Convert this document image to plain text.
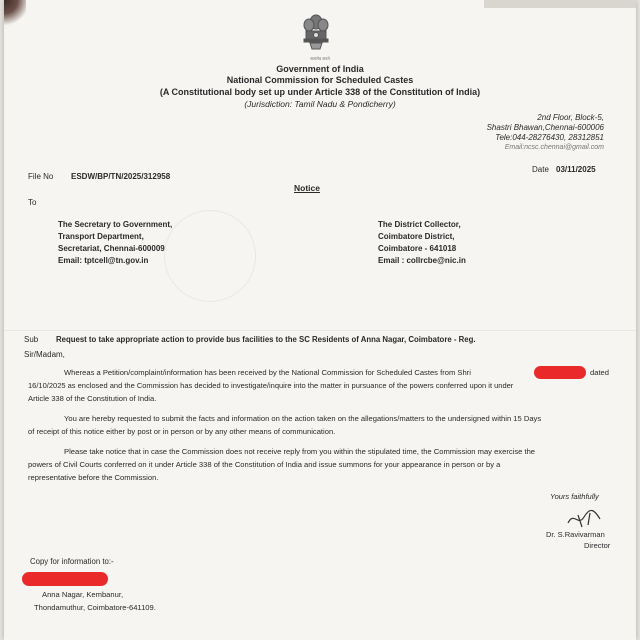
सत्यमेव जयते
Government of India
National Commission for Scheduled Castes
(A Constitutional body set up under Article 338 of the Constitution of India)
(Jurisdiction: Tamil Nadu & Pondicherry)
2nd Floor, Block-5,
Shastri Bhawan,Chennai-600006
Tele:044-28276430, 28312851
Email:ncsc.chennai@gmail.com
File No ESDW/BP/TN/2025/312958
Date 03/11/2025
Notice
To
The Secretary to Government,
Transport Department,
Secretariat, Chennai-600009
Email: tptcell@tn.gov.in
The District Collector,
Coimbatore District,
Coimbatore - 641018
Email : collrcbe@nic.in
Sub Request to take appropriate action to provide bus facilities to the SC Residents of Anna Nagar, Coimbatore - Reg.
Sir/Madam,
Whereas a Petition/complaint/information has been received by the National Commission for Scheduled Castes from Shri	dated
16/10/2025 as enclosed and the Commission has decided to investigate/inquire into the matter in pursuance of the powers conferred upon it under
Article 338 of the Constitution of India.
You are hereby requested to submit the facts and information on the action taken on the allegations/matters to the undersigned within 15 Days
of receipt of this notice either by post or in person or by any other means of communication.
Please take notice that in case the Commission does not receive reply from you within the stipulated time, the Commission may exercise the
powers of Civil Courts conferred on it under Article 338 of the Constitution of India and issue summons for your appearance in person or by a
representative before the Commission.
Yours faithfully
Dr. S.Ravivarman
Director
Copy for information to:-
Anna Nagar, Kembanur,
Thondamuthur, Coimbatore-641109.
